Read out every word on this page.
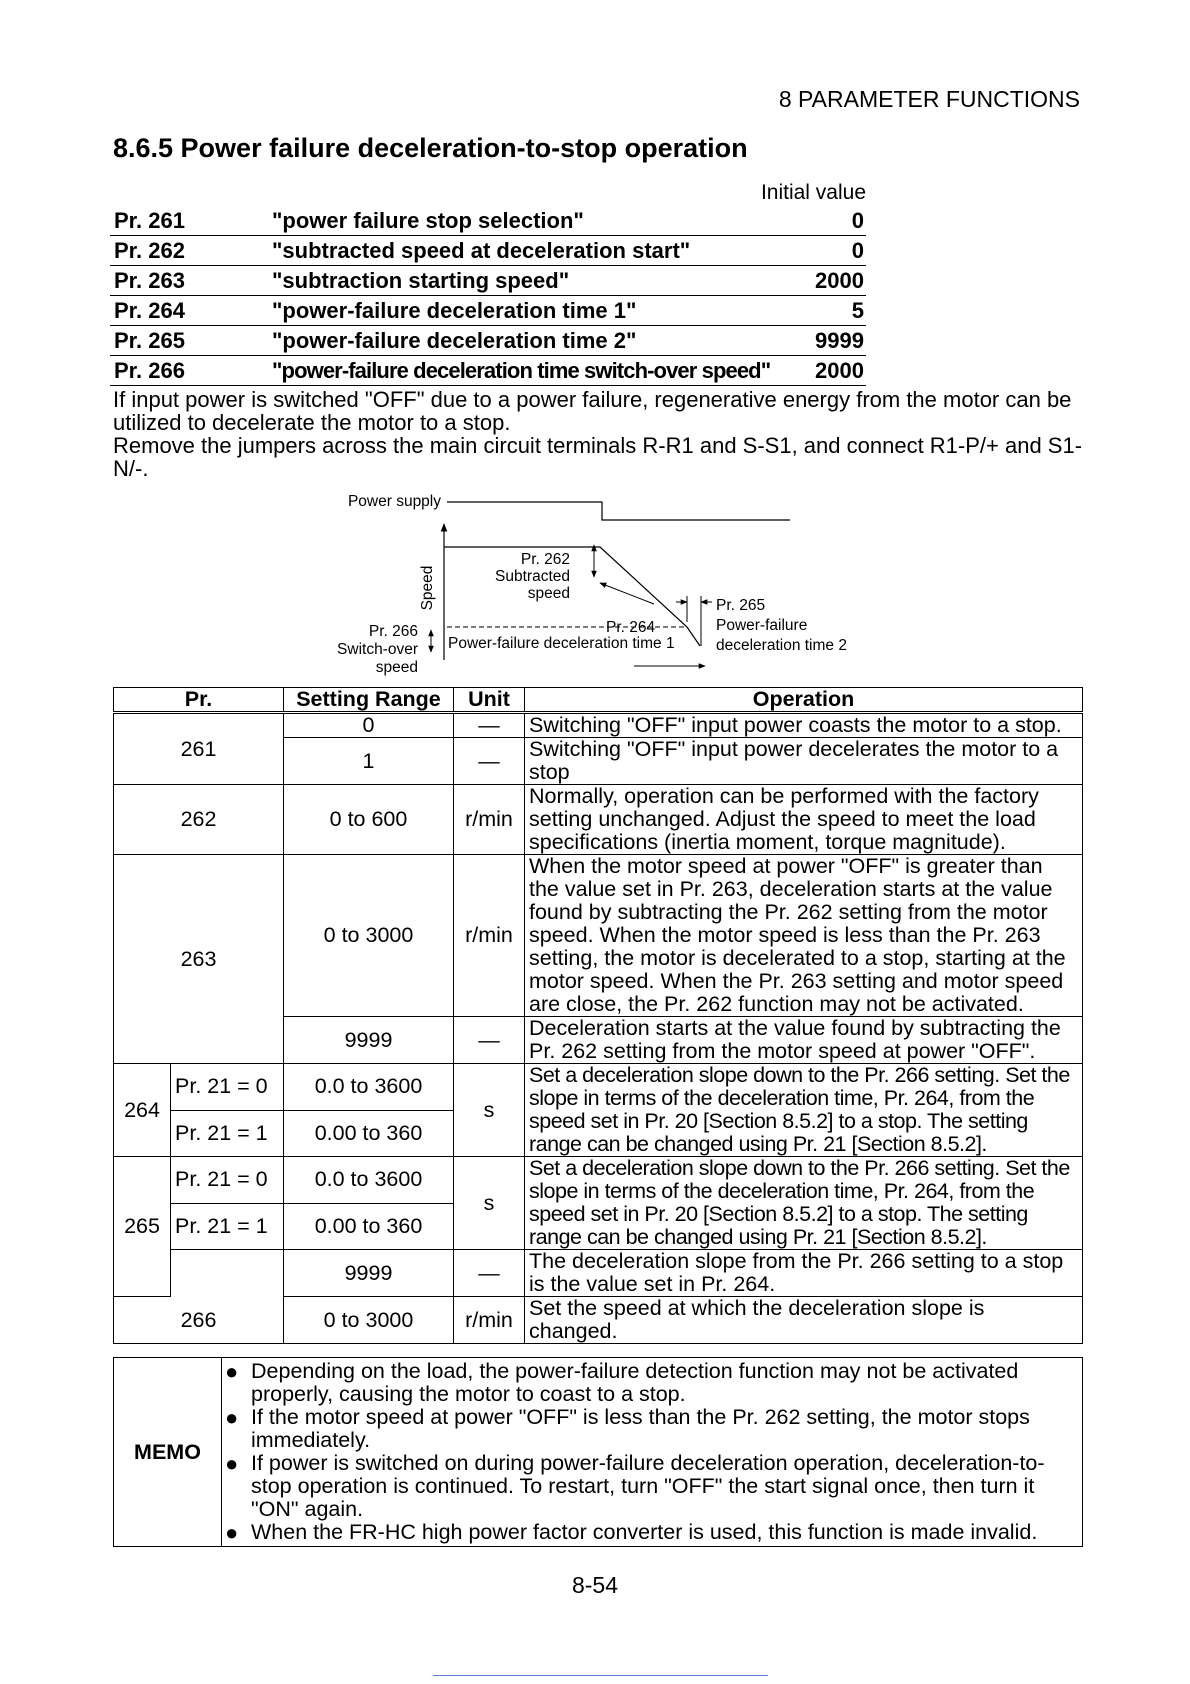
8 PARAMETER FUNCTIONS
8.6.5 Power failure deceleration-to-stop operation
Initial value
Pr. 261	"power failure stop selection"	0
Pr. 262	"subtracted speed at deceleration start"	0
Pr. 263	"subtraction starting speed"	2000
Pr. 264	"power-failure deceleration time 1"	5
Pr. 265	"power-failure deceleration time 2"	9999
Pr. 266	"power-failure deceleration time switch-over speed"	2000

If input power is switched "OFF" due to a power failure, regenerative energy from the motor can be utilized to decelerate the motor to a stop.

Remove the jumpers across the main circuit terminals R-R1 and S-S1, and connect R1-P/+ and S1-N/-.

Power supply
Speed
Pr. 262
Subtracted
speed
Pr. 264
Power-failure deceleration time 1
Pr. 265
Power-failure
deceleration time 2
Pr. 266
Switch-over
speed
Pr.		Setting Range	Unit	Operation
261		0	—	Switching "OFF" input power coasts the motor to a stop.
		1	—	Switching "OFF" input power decelerates the motor to a stop
262		0 to 600	r/min	Normally, operation can be performed with the factory setting unchanged. Adjust the speed to meet the load specifications (inertia moment, torque magnitude).
263		0 to 3000	r/min	When the motor speed at power "OFF" is greater than the value set in Pr. 263, deceleration starts at the value found by subtracting the Pr. 262 setting from the motor speed. When the motor speed is less than the Pr. 263 setting, the motor is decelerated to a stop, starting at the motor speed. When the Pr. 263 setting and motor speed are close, the Pr. 262 function may not be activated.
		9999	—	Deceleration starts at the value found by subtracting the Pr. 262 setting from the motor speed at power "OFF".
264	Pr. 21 = 0	0.0 to 3600	s	Set a deceleration slope down to the Pr. 266 setting. Set the slope in terms of the deceleration time, Pr. 264, from the speed set in Pr. 20 [Section 8.5.2] to a stop. The setting range can be changed using Pr. 21 [Section 8.5.2].
	Pr. 21 = 1	0.00 to 360		
265	Pr. 21 = 0	0.0 to 3600	s	Set a deceleration slope down to the Pr. 266 setting. Set the slope in terms of the deceleration time, Pr. 264, from the speed set in Pr. 20 [Section 8.5.2] to a stop. The setting range can be changed using Pr. 21 [Section 8.5.2].
	Pr. 21 = 1	0.00 to 360		
		9999	—	The deceleration slope from the Pr. 266 setting to a stop is the value set in Pr. 264.
266		0 to 3000	r/min	Set the speed at which the deceleration slope is changed.
MEMO	
● Depending on the load, the power-failure detection function may not be activated properly, causing the motor to coast to a stop.
● If the motor speed at power "OFF" is less than the Pr. 262 setting, the motor stops immediately.
● If power is switched on during power-failure deceleration operation, deceleration-to-stop operation is continued. To restart, turn "OFF" the start signal once, then turn it "ON" again.
● When the FR-HC high power factor converter is used, this function is made invalid.
8-54
